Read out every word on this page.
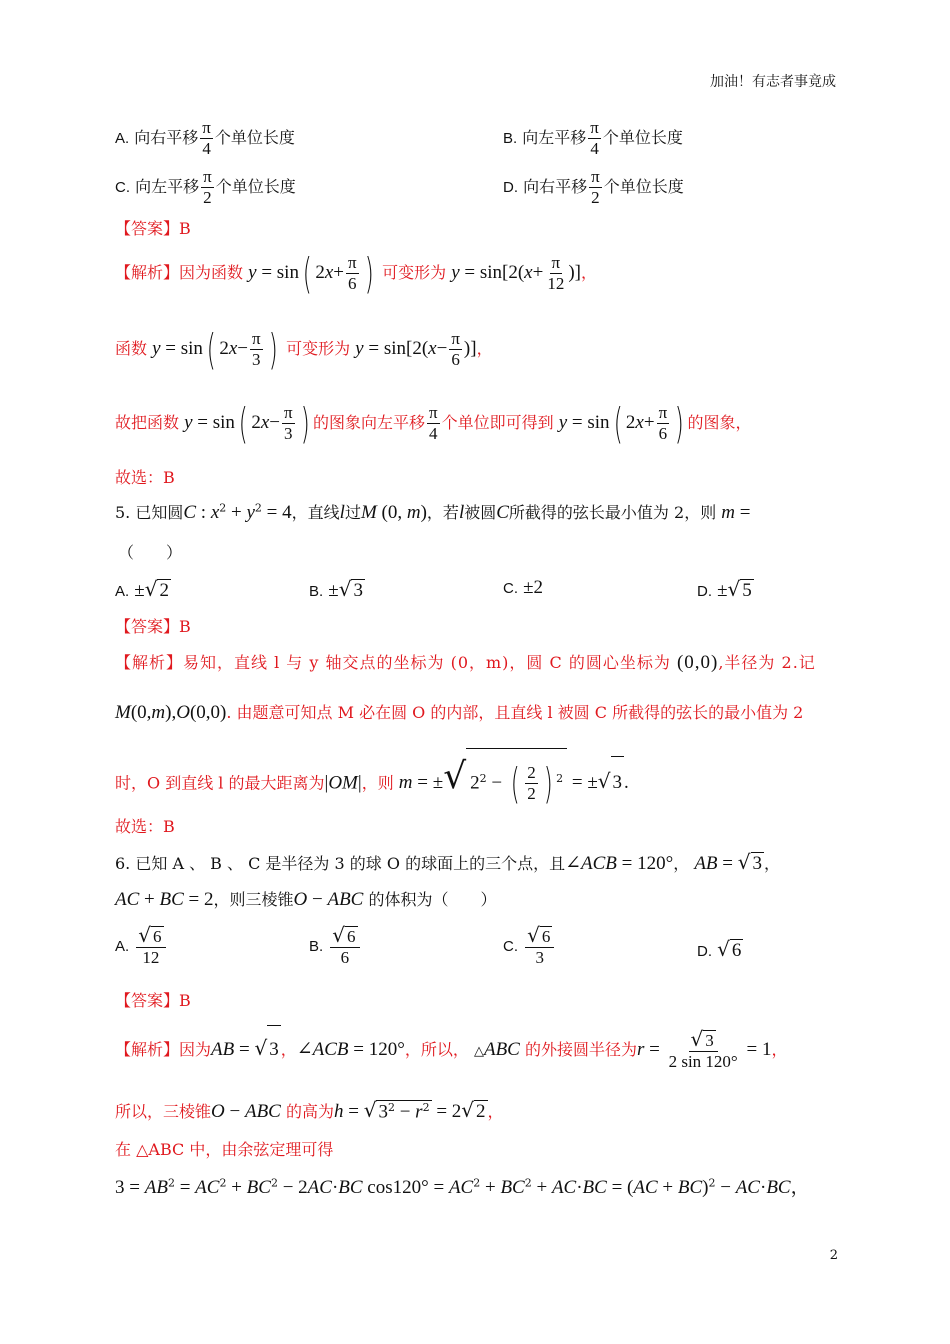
加油！有志者事竟成
A. 向右平移 $\frac{\pi}{4}$ 个单位长度	B. 向左平移 $\frac{\pi}{4}$ 个单位长度
C. 向左平移 $\frac{\pi}{2}$ 个单位长度	D. 向右平移 $\frac{\pi}{2}$ 个单位长度
【答案】B
【解析】因为函数 y = sin( $2x+ \frac{\pi}{6}$ ) 可变形为 $y = \sin[2(x+ \frac{\pi}{12}$ )]，
函数 y = sin( $2x- \frac{\pi}{3}$ ) 可变形为 $y = \sin[2(x- \frac{\pi}{6}$ )]，
故把函数 y = sin( $2x- \frac{\pi}{3}$ ) 的图象向左平移 $\frac{\pi}{4}$ 个单位即可得到 y = sin( $2x+ \frac{\pi}{6}$ ) 的图象，
故选：B
5. 已知圆C : $x^2 + y^2 = 4$，直线l过M (0, m)，若l被圆C所截得的弦长最小值为 2，则 m =
（　　）
A. ±√ 2	B. ±√ 3	C. ±2	D. ±√ 5
【答案】B
【解析】易知，直线 l 与 y 轴交点的坐标为 (0，m)，圆 C 的圆心坐标为 (0,0),半径为 2.记
M(0,m),O(0,0). 由题意可知点 M 必在圆 O 的内部，且直线 l 被圆 C 所截得的弦长的最小值为 2
时，O 到直线 l 的最大距离为|OM|，则 m = ±√ $2^2$ − ( $\frac{2}{2}$ ) $^2$ = ±√ 3 .
故选：B
6. 已知 A 、 B 、 C 是半径为 3 的球 O 的球面上的三个点，且∠ACB = 120°， AB = √ 3 ，
AC + BC = 2，则三棱锥O − ABC 的体积为（　　）
A. $\frac{√ 6}{12}$	B. $\frac{√ 6}{6}$	C. $\frac{√ 6}{3}$	D. √ 6
【答案】B
【解析】因为AB = √ 3 ，∠ACB = 120°，所以， △ABC 的外接圆半径为$r = \frac{√ 3}{2 \sin 120^\circ} = 1$，
所以，三棱锥O − ABC 的高为h = √ $3^2 - r^2 = 2√$ 2 ，
在 △ABC 中，由余弦定理可得
$3 = AB^2 = AC^2 + BC^2 - 2AC\cdot BC$ $\cos 120^\circ = AC^2 + BC^2 + AC\cdot BC = (AC + BC)^2 - AC\cdot BC$，
2
